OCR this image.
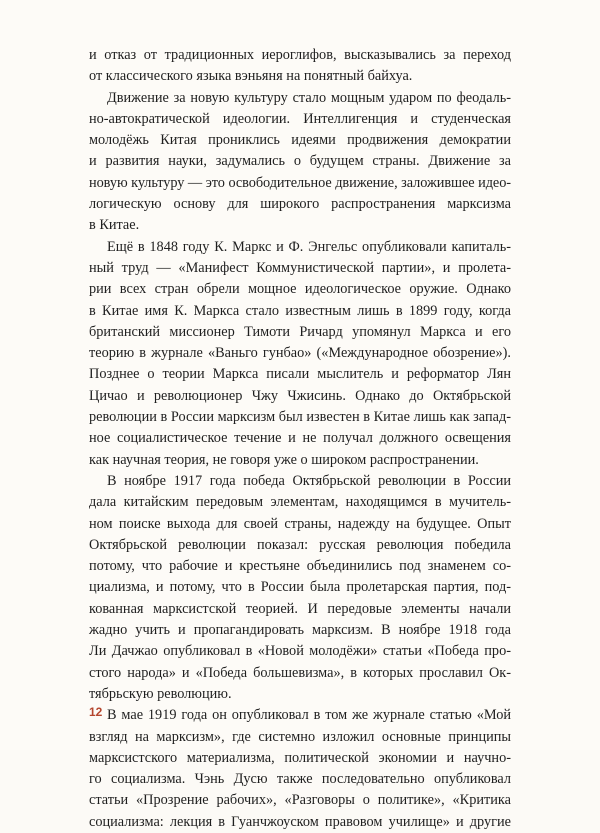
и отказ от традиционных иероглифов, высказывались за переход
от классического языка вэньяня на понятный байхуа.
Движение за новую культуру стало мощным ударом по феодаль-
но-автократической идеологии. Интеллигенция и студенческая
молодёжь Китая прониклись идеями продвижения демократии
и развития науки, задумались о будущем страны. Движение за
новую культуру — это освободительное движение, заложившее идео-
логическую основу для широкого распространения марксизма
в Китае.
Ещё в 1848 году К. Маркс и Ф. Энгельс опубликовали капиталь-
ный труд — «Манифест Коммунистической партии», и пролета-
рии всех стран обрели мощное идеологическое оружие. Однако
в Китае имя К. Маркса стало известным лишь в 1899 году, когда
британский миссионер Тимоти Ричард упомянул Маркса и его
теорию в журнале «Ваньго гунбао» («Международное обозрение»).
Позднее о теории Маркса писали мыслитель и реформатор Лян
Цичао и революционер Чжу Чжисинь. Однако до Октябрьской
революции в России марксизм был известен в Китае лишь как запад-
ное социалистическое течение и не получал должного освещения
как научная теория, не говоря уже о широком распространении.
В ноябре 1917 года победа Октябрьской революции в России
дала китайским передовым элементам, находящимся в мучитель-
ном поиске выхода для своей страны, надежду на будущее. Опыт
Октябрьской революции показал: русская революция победила
потому, что рабочие и крестьяне объединились под знаменем со-
циализма, и потому, что в России была пролетарская партия, под-
кованная марксистской теорией. И передовые элементы начали
жадно учить и пропагандировать марксизм. В ноябре 1918 года
Ли Дачжао опубликовал в «Новой молодёжи» статьи «Победа про-
стого народа» и «Победа большевизма», в которых прославил Ок-
тябрьскую революцию.
В мае 1919 года он опубликовал в том же журнале статью «Мой
взгляд на марксизм», где системно изложил основные принципы
марксистского материализма, политической экономии и научно-
го социализма. Чэнь Дусю также последовательно опубликовал
статьи «Прозрение рабочих», «Разговоры о политике», «Критика
социализма: лекция в Гуанчжоуском правовом училище» и другие
12
